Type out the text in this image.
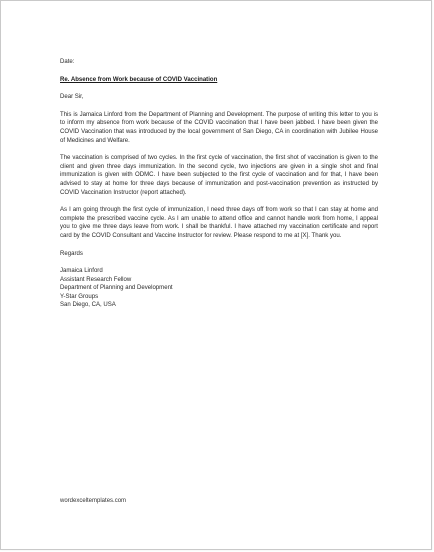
Date:

Re. Absence from Work because of COVID Vaccination

Dear Sir,

This is Jamaica Linford from the Department of Planning and Development. The purpose of writing this letter to you is to inform my absence from work because of the COVID vaccination that I have been jabbed. I have been given the COVID Vaccination that was introduced by the local government of San Diego, CA in coordination with Jubilee House of Medicines and Welfare.

The vaccination is comprised of two cycles. In the first cycle of vaccination, the first shot of vaccination is given to the client and given three days immunization. In the second cycle, two injections are given in a single shot and final immunization is given with ODMC. I have been subjected to the first cycle of vaccination and for that, I have been advised to stay at home for three days because of immunization and post-vaccination prevention as instructed by COVID Vaccination Instructor (report attached).

As I am going through the first cycle of immunization, I need three days off from work so that I can stay at home and complete the prescribed vaccine cycle. As I am unable to attend office and cannot handle work from home, I appeal you to give me three days leave from work. I shall be thankful. I have attached my vaccination certificate and report card by the COVID Consultant and Vaccine Instructor for review. Please respond to me at [X]. Thank you.

Regards

Jamaica Linford

Assistant Research Fellow

Department of Planning and Development

Y-Star Groups

San Diego, CA, USA

wordexceltemplates.com
